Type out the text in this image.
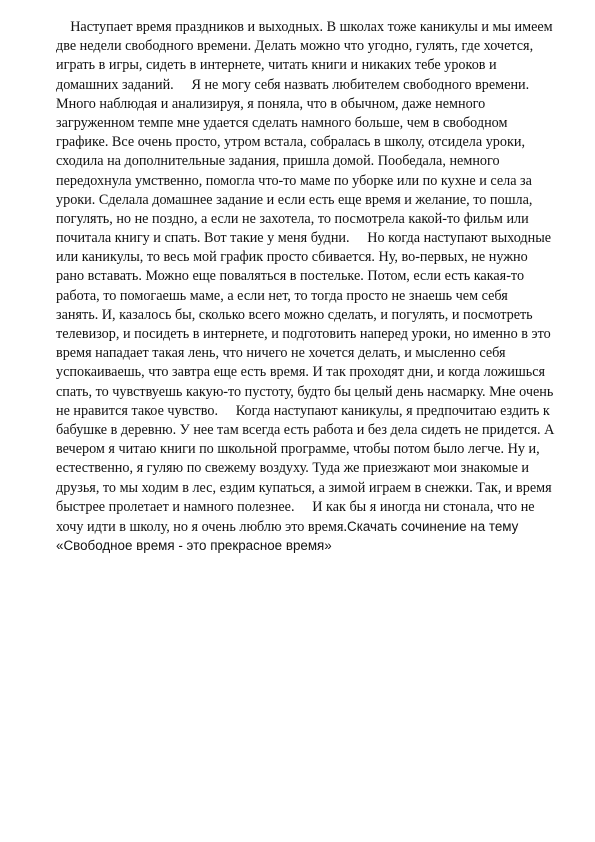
Наступает время праздников и выходных. В школах тоже каникулы и мы имеем
две недели свободного времени. Делать можно что угодно, гулять, где хочется,
играть в игры, сидеть в интернете, читать книги и никаких тебе уроков и
домашних заданий.     Я не могу себя назвать любителем свободного времени.
Много наблюдая и анализируя, я поняла, что в обычном, даже немного
загруженном темпе мне удается сделать намного больше, чем в свободном
графике. Все очень просто, утром встала, собралась в школу, отсидела уроки,
сходила на дополнительные задания, пришла домой. Пообедала, немного
передохнула умственно, помогла что-то маме по уборке или по кухне и села за
уроки. Сделала домашнее задание и если есть еще время и желание, то пошла,
погулять, но не поздно, а если не захотела, то посмотрела какой-то фильм или
почитала книгу и спать. Вот такие у меня будни.     Но когда наступают выходные
или каникулы, то весь мой график просто сбивается. Ну, во-первых, не нужно
рано вставать. Можно еще поваляться в постельке. Потом, если есть какая-то
работа, то помогаешь маме, а если нет, то тогда просто не знаешь чем себя
занять. И, казалось бы, сколько всего можно сделать, и погулять, и посмотреть
телевизор, и посидеть в интернете, и подготовить наперед уроки, но именно в это
время нападает такая лень, что ничего не хочется делать, и мысленно себя
успокаиваешь, что завтра еще есть время. И так проходят дни, и когда ложишься
спать, то чувствуешь какую-то пустоту, будто бы целый день насмарку. Мне очень
не нравится такое чувство.     Когда наступают каникулы, я предпочитаю ездить к
бабушке в деревню. У нее там всегда есть работа и без дела сидеть не придется. А
вечером я читаю книги по школьной программе, чтобы потом было легче. Ну и,
естественно, я гуляю по свежему воздуху. Туда же приезжают мои знакомые и
друзья, то мы ходим в лес, ездим купаться, а зимой играем в снежки. Так, и время
быстрее пролетает и намного полезнее.     И как бы я иногда ни стонала, что не
хочу идти в школу, но я очень люблю это время.Скачать сочинение на тему
«Свободное время - это прекрасное время»
